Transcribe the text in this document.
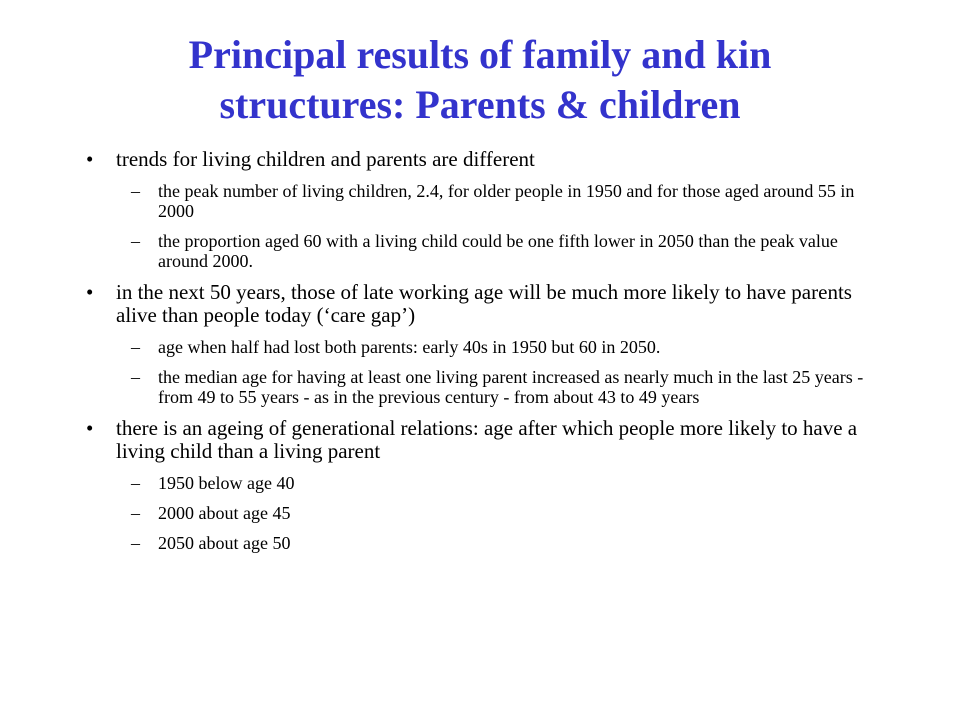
Principal results of family and kin
structures: Parents & children
• trends for living children and parents are different
– the peak number of living children, 2.4, for older people in 1950 and for those aged around 55 in 2000
– the proportion aged 60 with a living child could be one fifth lower in 2050 than the peak value around 2000.
• in the next 50 years, those of late working age will be much more likely to have parents alive than people today (‘care gap’)
– age when half had lost both parents: early 40s in 1950 but 60 in 2050.
– the median age for having at least one living parent increased as nearly much in the last 25 years - from 49 to 55 years - as in the previous century - from about 43 to 49 years
• there is an ageing of generational relations: age after which people more likely to have a living child than a living parent
– 1950 below age 40
– 2000 about age 45
– 2050 about age 50
